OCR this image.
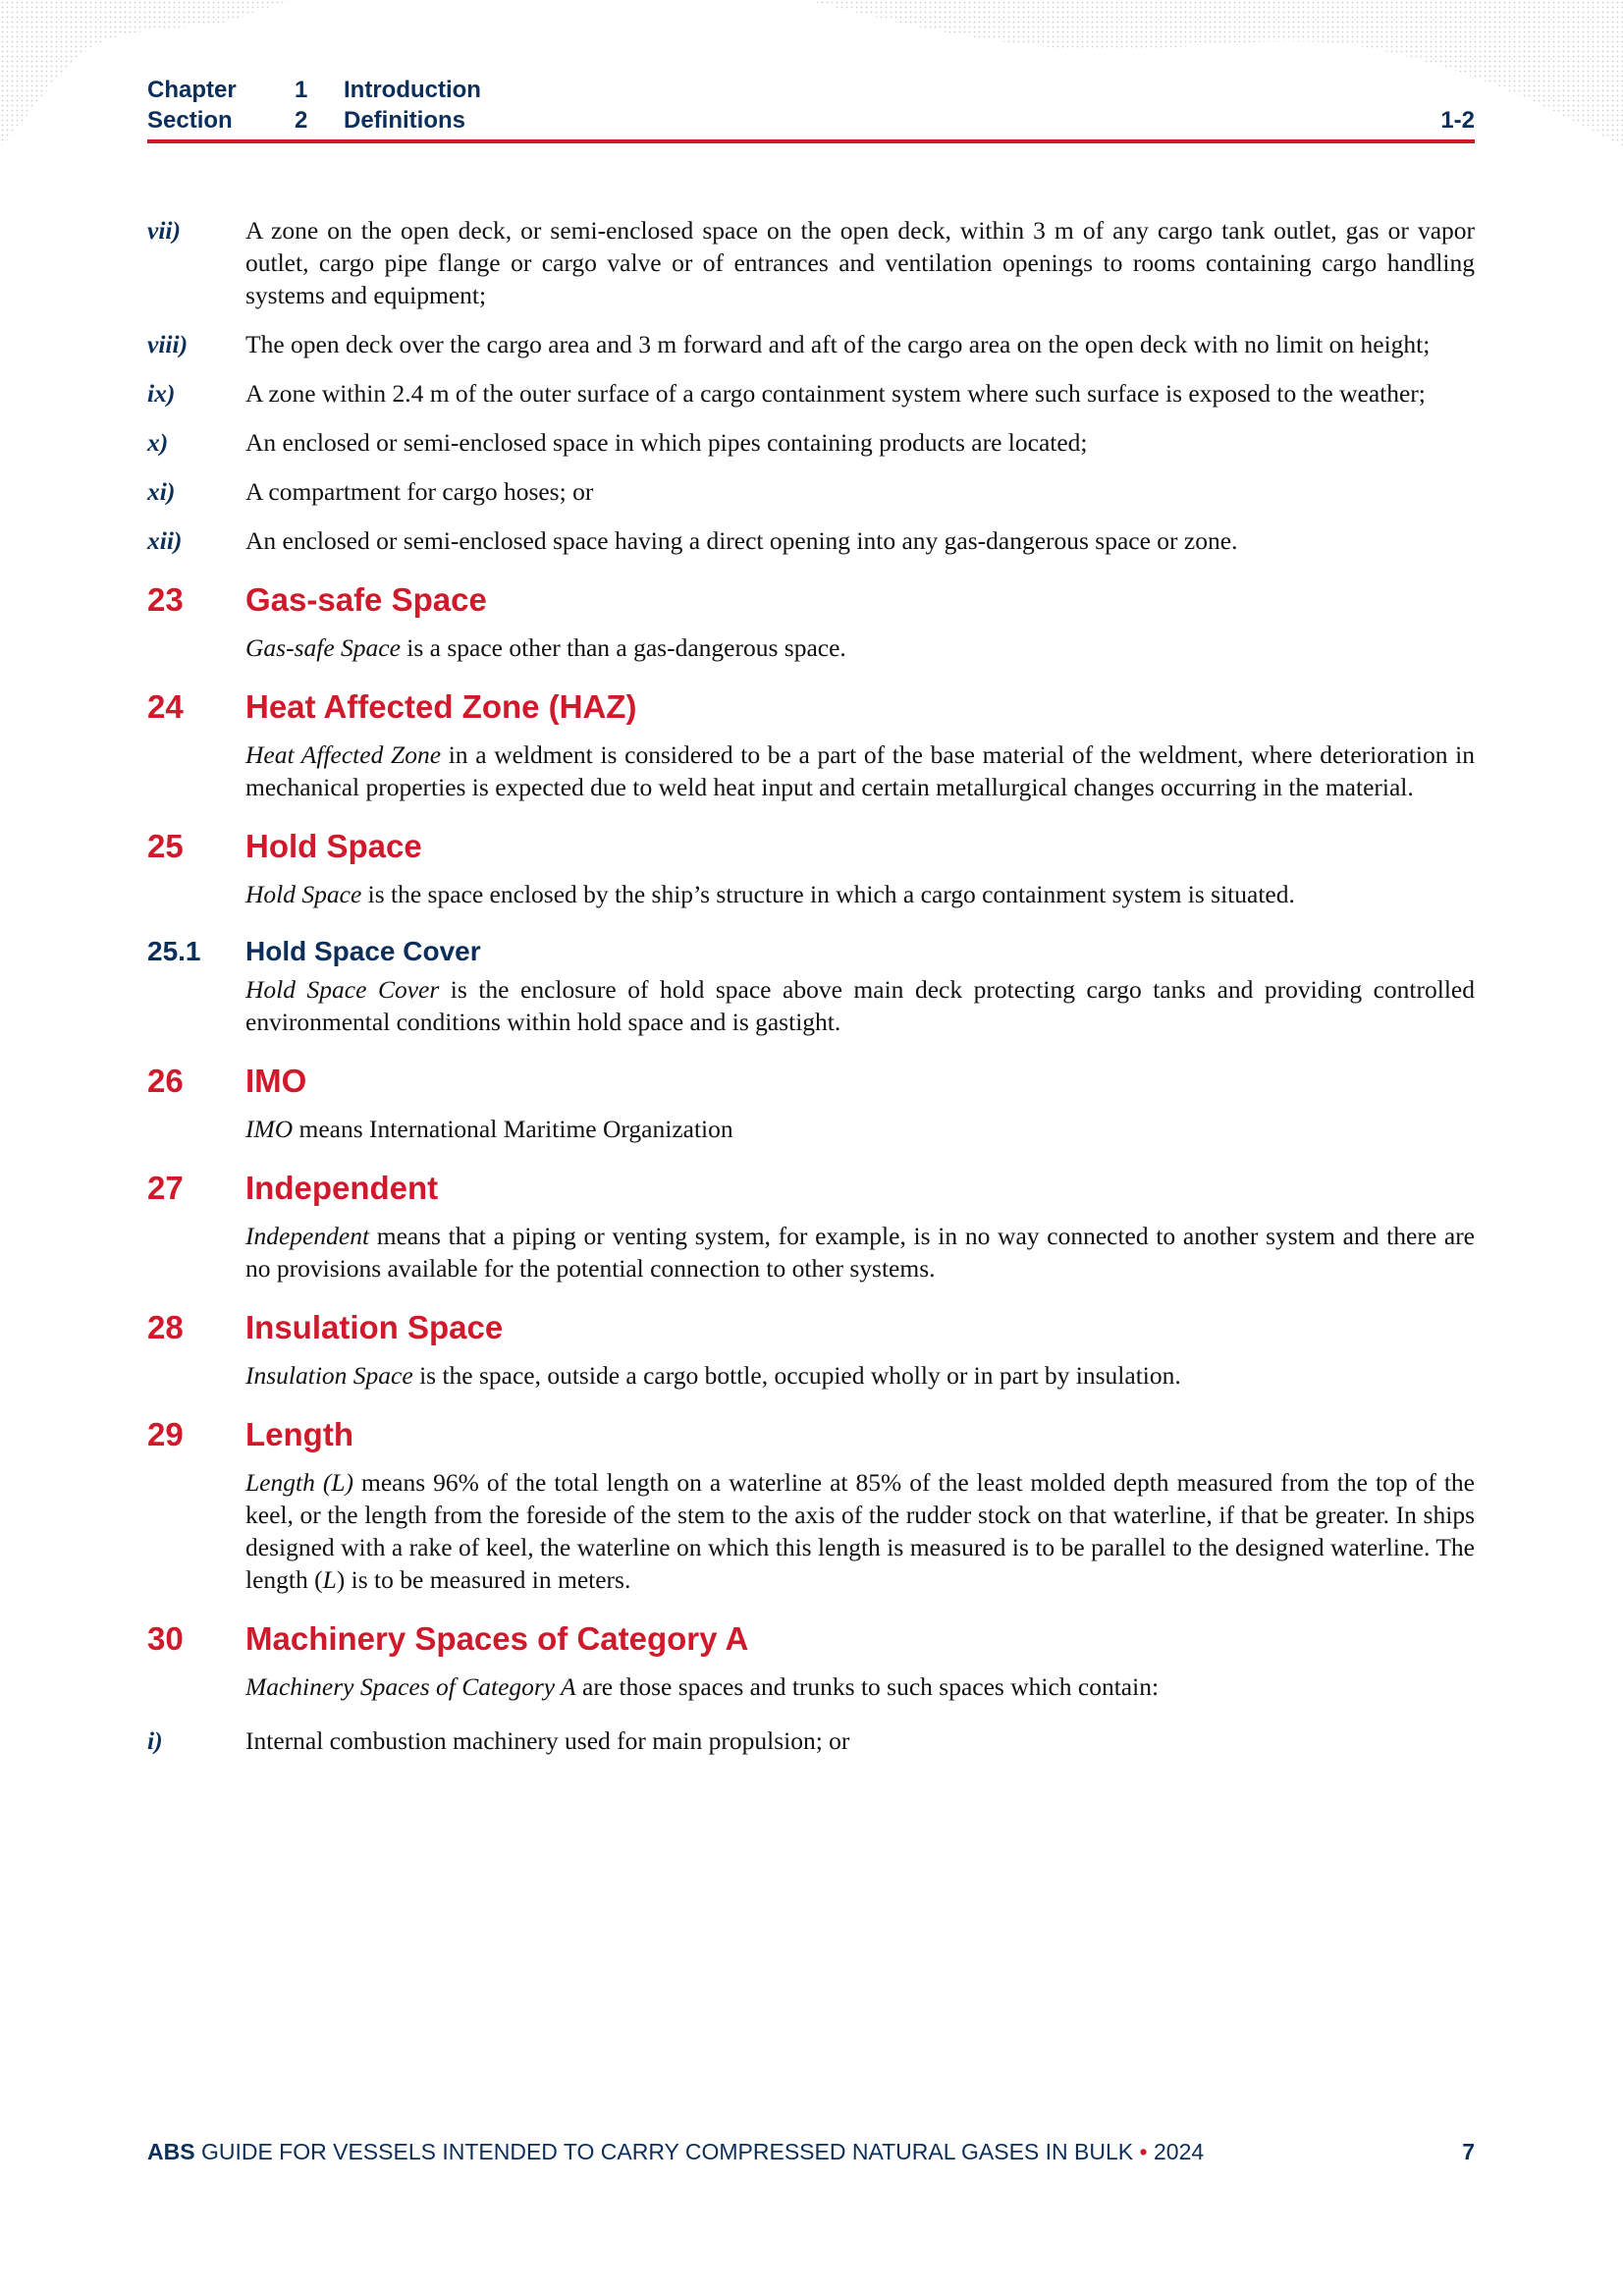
Chapter	1	Introduction
Section	2	Definitions	1-2
vii)	A zone on the open deck, or semi-enclosed space on the open deck, within 3 m of any cargo tank outlet, gas or vapor outlet, cargo pipe flange or cargo valve or of entrances and ventilation openings to rooms containing cargo handling systems and equipment;
viii)	The open deck over the cargo area and 3 m forward and aft of the cargo area on the open deck with no limit on height;
ix)	A zone within 2.4 m of the outer surface of a cargo containment system where such surface is exposed to the weather;
x)	An enclosed or semi-enclosed space in which pipes containing products are located;
xi)	A compartment for cargo hoses; or
xii)	An enclosed or semi-enclosed space having a direct opening into any gas-dangerous space or zone.
23	Gas-safe Space
Gas-safe Space is a space other than a gas-dangerous space.
24	Heat Affected Zone (HAZ)
Heat Affected Zone in a weldment is considered to be a part of the base material of the weldment, where deterioration in mechanical properties is expected due to weld heat input and certain metallurgical changes occurring in the material.
25	Hold Space
Hold Space is the space enclosed by the ship’s structure in which a cargo containment system is situated.
25.1	Hold Space Cover
Hold Space Cover is the enclosure of hold space above main deck protecting cargo tanks and providing controlled environmental conditions within hold space and is gastight.
26	IMO
IMO means International Maritime Organization
27	Independent
Independent means that a piping or venting system, for example, is in no way connected to another system and there are no provisions available for the potential connection to other systems.
28	Insulation Space
Insulation Space is the space, outside a cargo bottle, occupied wholly or in part by insulation.
29	Length
Length (L) means 96% of the total length on a waterline at 85% of the least molded depth measured from the top of the keel, or the length from the foreside of the stem to the axis of the rudder stock on that waterline, if that be greater. In ships designed with a rake of keel, the waterline on which this length is measured is to be parallel to the designed waterline. The length (L) is to be measured in meters.
30	Machinery Spaces of Category A
Machinery Spaces of Category A are those spaces and trunks to such spaces which contain:
i)	Internal combustion machinery used for main propulsion; or
ABS GUIDE FOR VESSELS INTENDED TO CARRY COMPRESSED NATURAL GASES IN BULK • 2024	7
